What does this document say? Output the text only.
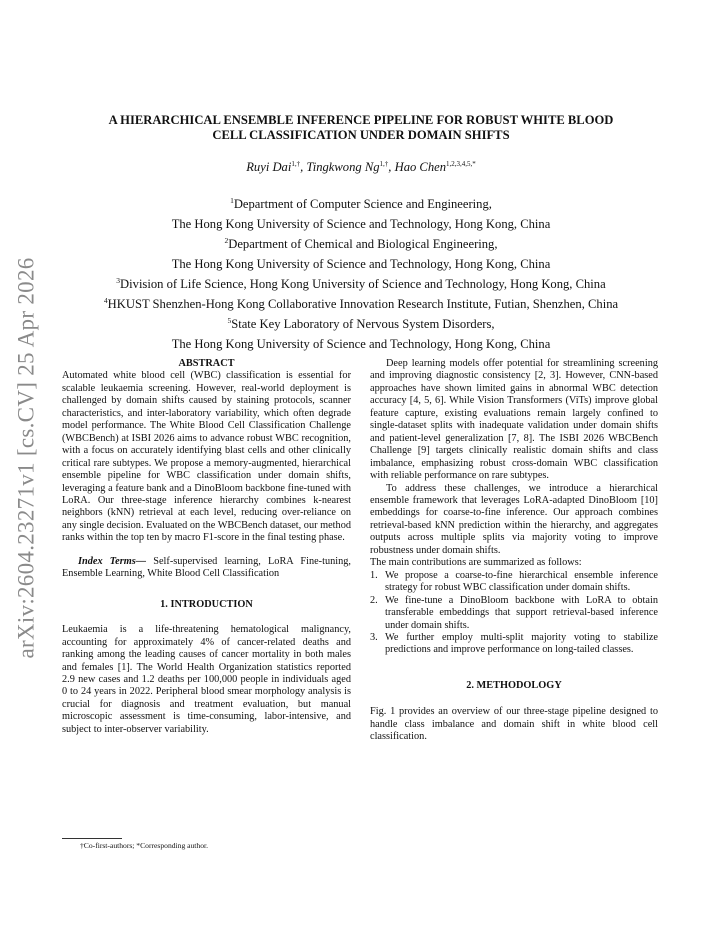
arXiv:2604.23271v1 [cs.CV] 25 Apr 2026
A HIERARCHICAL ENSEMBLE INFERENCE PIPELINE FOR ROBUST WHITE BLOOD
CELL CLASSIFICATION UNDER DOMAIN SHIFTS

Ruyi Dai$^{1,\dagger}$, Tingkwong $Ng^{1,\dagger}$, Hao Chen$^{1,2,3,4,5,*}$

$^1$Department of Computer Science and Engineering,
The Hong Kong University of Science and Technology, Hong Kong, China
$^2$Department of Chemical and Biological Engineering,
The Hong Kong University of Science and Technology, Hong Kong, China
$^3$Division of Life Science, Hong Kong University of Science and Technology, Hong Kong, China
$^4$HKUST Shenzhen-Hong Kong Collaborative Innovation Research Institute, Futian, Shenzhen, China
$^5$State Key Laboratory of Nervous System Disorders,
The Hong Kong University of Science and Technology, Hong Kong, China
ABSTRACT

Automated white blood cell (WBC) classification is essential for scalable leukaemia screening. However, real-world deployment is challenged by domain shifts caused by staining protocols, scanner characteristics, and inter-laboratory variability, which often degrade model performance. The White Blood Cell Classification Challenge (WBCBench) at ISBI 2026 aims to advance robust WBC recognition, with a focus on accurately identifying blast cells and other clinically critical rare subtypes. We propose a memory-augmented, hierarchical ensemble pipeline for WBC classification under domain shifts, leveraging a feature bank and a DinoBloom backbone fine-tuned with LoRA. Our three-stage inference hierarchy combines k-nearest neighbors (kNN) retrieval at each level, reducing over-reliance on any single decision. Evaluated on the WBCBench dataset, our method ranks within the top ten by macro F1-score in the final testing phase.

Index Terms— Self-supervised learning, LoRA Fine-tuning, Ensemble Learning, White Blood Cell Classification

1. INTRODUCTION

Leukaemia is a life-threatening hematological malignancy, accounting for approximately 4% of cancer-related deaths and ranking among the leading causes of cancer mortality in both males and females [1]. The World Health Organization statistics reported 2.9 new cases and 1.2 deaths per 100,000 people in individuals aged 0 to 24 years in 2022. Peripheral blood smear morphology analysis is crucial for diagnosis and treatment evaluation, but manual microscopic assessment is time-consuming, labor-intensive, and subject to inter-observer variability.

Deep learning models offer potential for streamlining screening and improving diagnostic consistency [2, 3]. However, CNN-based approaches have shown limited gains in abnormal WBC detection accuracy [4, 5, 6]. While Vision Transformers (ViTs) improve global feature capture, existing evaluations remain largely confined to single-dataset splits with inadequate validation under domain shifts and patient-level generalization [7, 8]. The ISBI 2026 WBCBench Challenge [9] targets clinically realistic domain shifts and class imbalance, emphasizing robust cross-domain WBC classification with reliable performance on rare subtypes.

To address these challenges, we introduce a hierarchical ensemble framework that leverages LoRA-adapted DinoBloom [10] embeddings for coarse-to-fine inference. Our approach combines retrieval-based kNN prediction within the hierarchy, and aggregates outputs across multiple splits via majority voting to improve robustness under domain shifts.

The main contributions are summarized as follows:

1. We propose a coarse-to-fine hierarchical ensemble inference strategy for robust WBC classification under domain shifts.
2. We fine-tune a DinoBloom backbone with LoRA to obtain transferable embeddings that support retrieval-based inference under domain shifts.
3. We further employ multi-split majority voting to stabilize predictions and improve performance on long-tailed classes.
2. METHODOLOGY

Fig. 1 provides an overview of our three-stage pipeline designed to handle class imbalance and domain shift in white blood cell classification.

†Co-first-authors; *Corresponding author.
